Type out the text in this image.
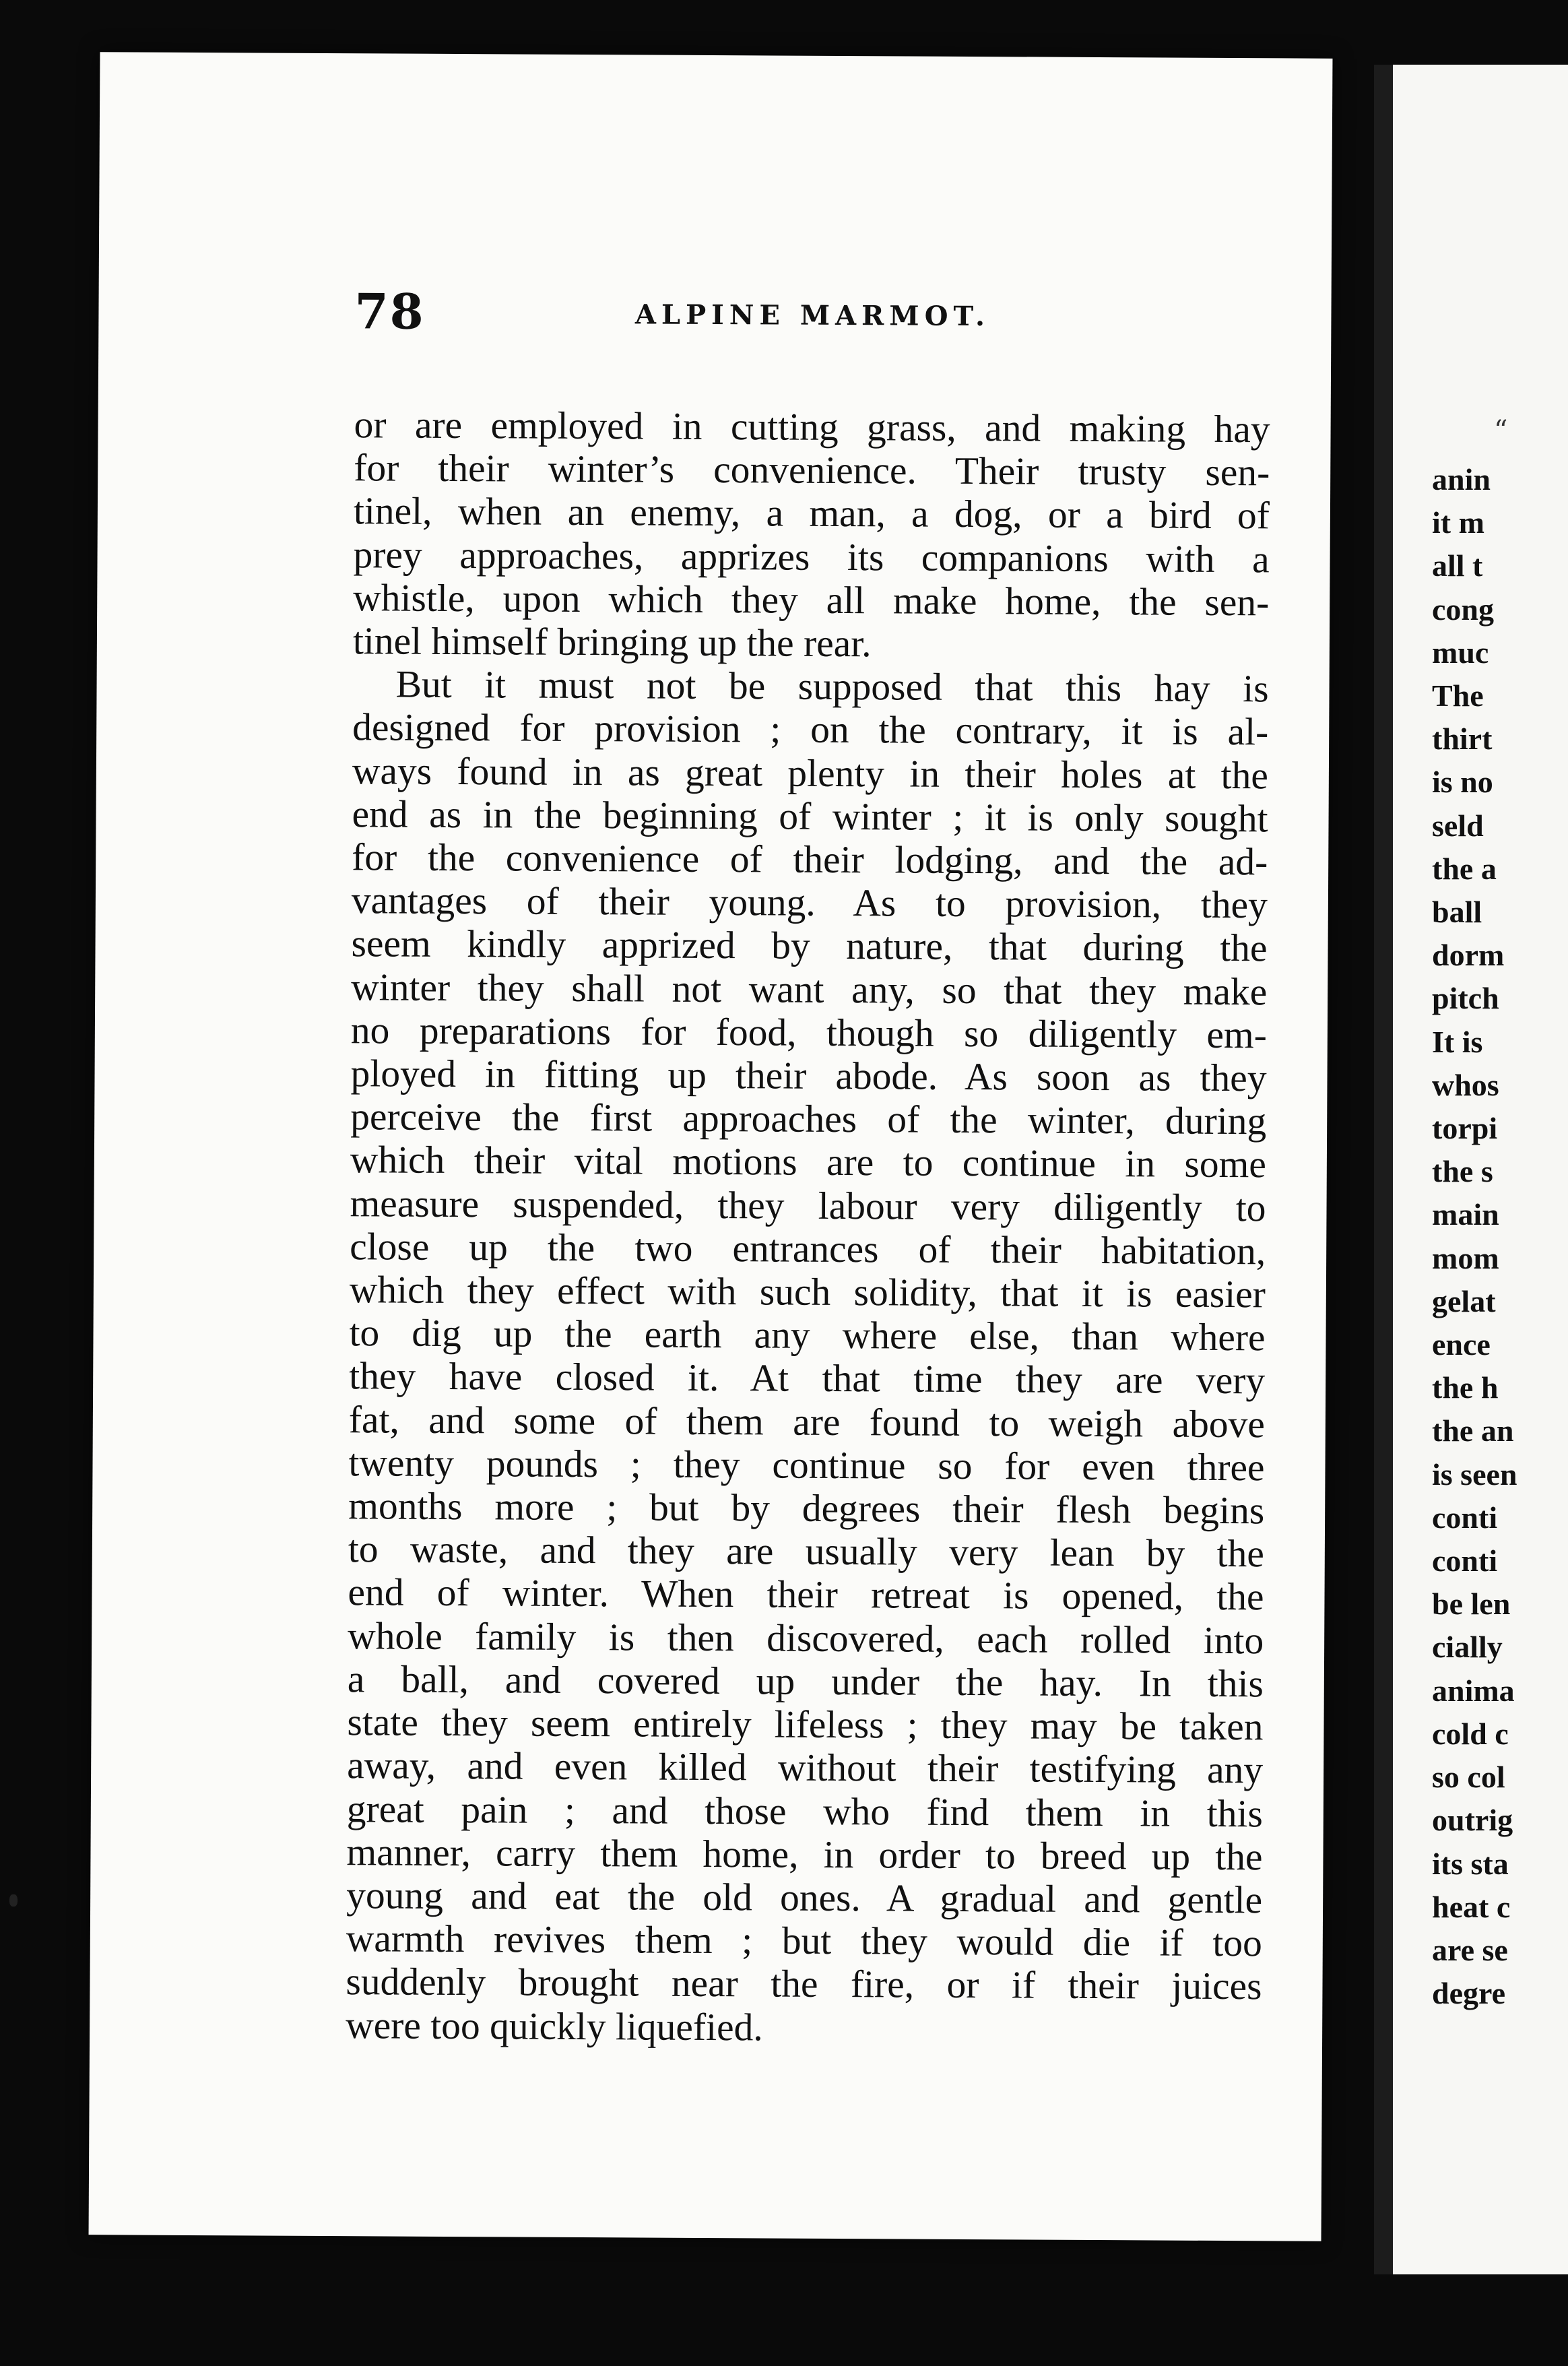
78	ALPINE MARMOT.
or are employed in cutting grass, and making hay
for their winter’s convenience. Their trusty sen-
tinel, when an enemy, a man, a dog, or a bird of
prey approaches, apprizes its companions with a
whistle, upon which they all make home, the sen-
tinel himself bringing up the rear.
But it must not be supposed that this hay is
designed for provision ; on the contrary, it is al-
ways found in as great plenty in their holes at the
end as in the beginning of winter ; it is only sought
for the convenience of their lodging, and the ad-
vantages of their young. As to provision, they
seem kindly apprized by nature, that during the
winter they shall not want any, so that they make
no preparations for food, though so diligently em-
ployed in fitting up their abode. As soon as they
perceive the first approaches of the winter, during
which their vital motions are to continue in some
measure suspended, they labour very diligently to
close up the two entrances of their habitation,
which they effect with such solidity, that it is easier
to dig up the earth any where else, than where
they have closed it. At that time they are very
fat, and some of them are found to weigh above
twenty pounds ; they continue so for even three
months more ; but by degrees their flesh begins
to waste, and they are usually very lean by the
end of winter. When their retreat is opened, the
whole family is then discovered, each rolled into
a ball, and covered up under the hay. In this
state they seem entirely lifeless ; they may be taken
away, and even killed without their testifying any
great pain ; and those who find them in this
manner, carry them home, in order to breed up the
young and eat the old ones. A gradual and gentle
warmth revives them ; but they would die if too
suddenly brought near the fire, or if their juices
were too quickly liquefied.
“
anin
it m
all t
cong
muc
The
thirt
is no
seld
the a
ball
dorm
pitch
It is
whos
torpi
the s
main
mom
gelat
ence
the h
the an
is seen
conti
conti
be len
cially
anima
cold c
so col
outrig
its sta
heat c
are se
degre
